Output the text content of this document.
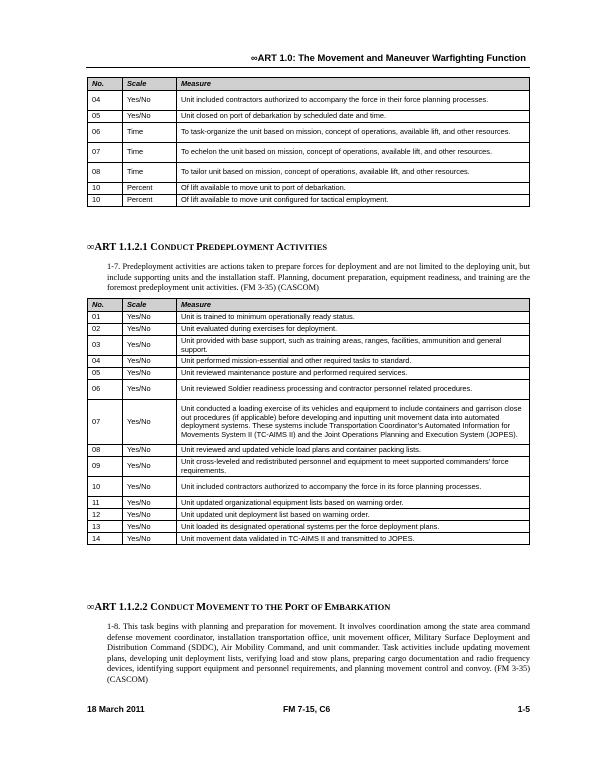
∞ART 1.0: The Movement and Maneuver Warfighting Function
No.	Scale	Measure
04	Yes/No	Unit included contractors authorized to accompany the force in their force planning processes.
05	Yes/No	Unit closed on port of debarkation by scheduled date and time.
06	Time	To task-organize the unit based on mission, concept of operations, available lift, and other resources.
07	Time	To echelon the unit based on mission, concept of operations, available lift, and other resources.
08	Time	To tailor unit based on mission, concept of operations, available lift, and other resources.
10	Percent	Of lift available to move unit to port of debarkation.
10	Percent	Of lift available to move unit configured for tactical employment.
∞ART 1.1.2.1 CONDUCT PREDEPLOYMENT ACTIVITIES
1-7. Predeployment activities are actions taken to prepare forces for deployment and are not limited to the deploying unit, but include supporting units and the installation staff. Planning, document preparation, equipment readiness, and training are the foremost predeployment unit activities. (FM 3-35) (CASCOM)
No.	Scale	Measure
01	Yes/No	Unit is trained to minimum operationally ready status.
02	Yes/No	Unit evaluated during exercises for deployment.
03	Yes/No	Unit provided with base support, such as training areas, ranges, facilities, ammunition and general support.
04	Yes/No	Unit performed mission-essential and other required tasks to standard.
05	Yes/No	Unit reviewed maintenance posture and performed required services.
06	Yes/No	Unit reviewed Soldier readiness processing and contractor personnel related procedures.
07	Yes/No	Unit conducted a loading exercise of its vehicles and equipment to include containers and garrison close out procedures (if applicable) before developing and inputting unit movement data into automated deployment systems. These systems include Transportation Coordinator’s Automated Information for Movements System II (TC-AIMS II) and the Joint Operations Planning and Execution System (JOPES).
08	Yes/No	Unit reviewed and updated vehicle load plans and container packing lists.
09	Yes/No	Unit cross-leveled and redistributed personnel and equipment to meet supported commanders’ force requirements.
10	Yes/No	Unit included contractors authorized to accompany the force in its force planning processes.
11	Yes/No	Unit updated organizational equipment lists based on warning order.
12	Yes/No	Unit updated unit deployment list based on warning order.
13	Yes/No	Unit loaded its designated operational systems per the force deployment plans.
14	Yes/No	Unit movement data validated in TC-AIMS II and transmitted to JOPES.
∞ART 1.1.2.2 CONDUCT MOVEMENT TO THE PORT OF EMBARKATION
1-8. This task begins with planning and preparation for movement. It involves coordination among the state area command defense movement coordinator, installation transportation office, unit movement officer, Military Surface Deployment and Distribution Command (SDDC), Air Mobility Command, and unit commander. Task activities include updating movement plans, developing unit deployment lists, verifying load and stow plans, preparing cargo documentation and radio frequency devices, identifying support equipment and personnel requirements, and planning movement control and convoy. (FM 3-35) (CASCOM)
18 March 2011	FM 7-15, C6	1-5
